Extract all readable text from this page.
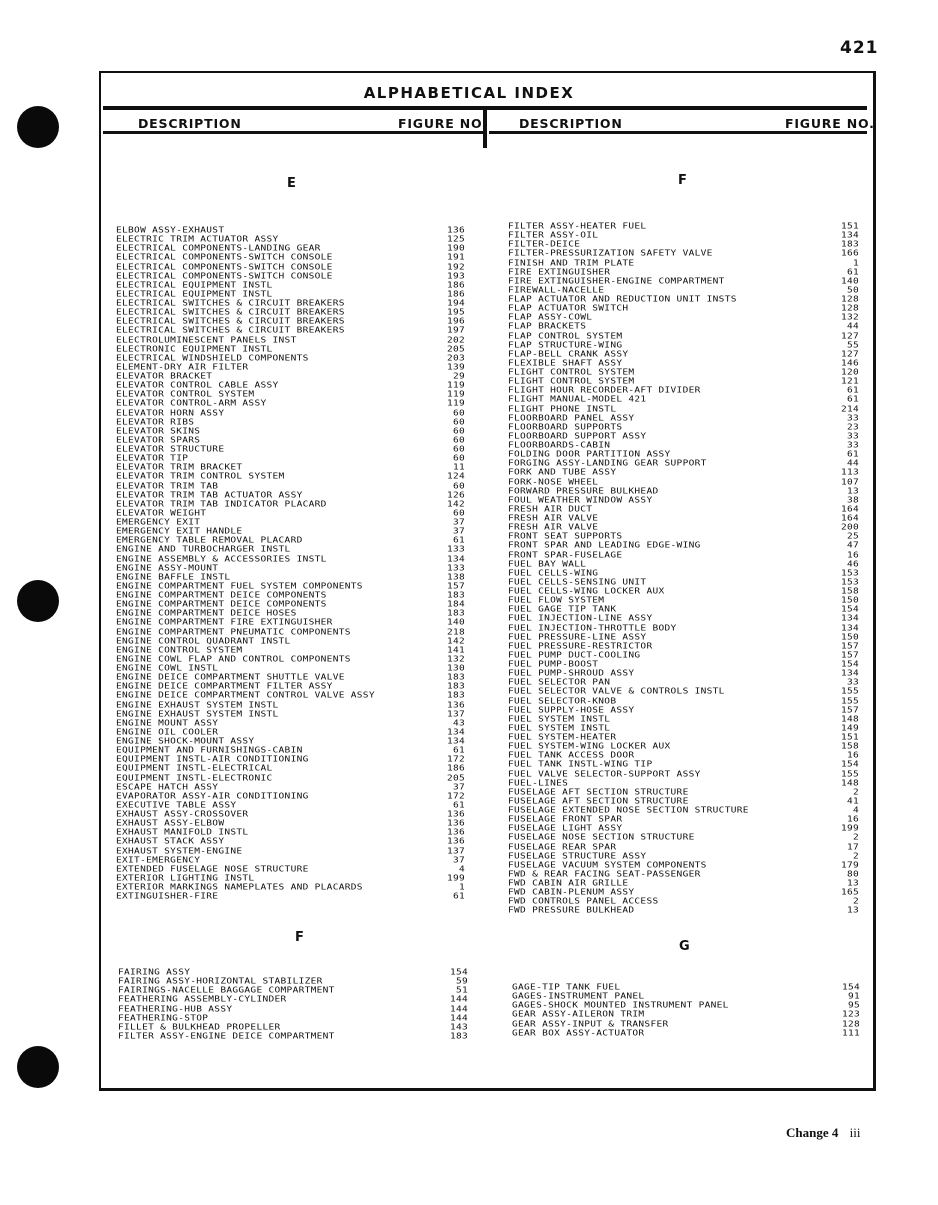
421
ALPHABETICAL INDEX
DESCRIPTION	FIGURE NO.	DESCRIPTION	FIGURE NO.
E
F
F
G
ELBOW ASSY-EXHAUST	136
ELECTRIC TRIM ACTUATOR ASSY	125
ELECTRICAL COMPONENTS-LANDING GEAR	190
ELECTRICAL COMPONENTS-SWITCH CONSOLE	191
ELECTRICAL COMPONENTS-SWITCH CONSOLE	192
ELECTRICAL COMPONENTS-SWITCH CONSOLE	193
ELECTRICAL EQUIPMENT INSTL	186
ELECTRICAL EQUIPMENT INSTL	186
ELECTRICAL SWITCHES & CIRCUIT BREAKERS	194
ELECTRICAL SWITCHES & CIRCUIT BREAKERS	195
ELECTRICAL SWITCHES & CIRCUIT BREAKERS	196
ELECTRICAL SWITCHES & CIRCUIT BREAKERS	197
ELECTROLUMINESCENT PANELS INST	202
ELECTRONIC EQUIPMENT INSTL	205
ELECTRICAL WINDSHIELD COMPONENTS	203
ELEMENT-DRY AIR FILTER	139
ELEVATOR BRACKET	29
ELEVATOR CONTROL CABLE ASSY	119
ELEVATOR CONTROL SYSTEM	119
ELEVATOR CONTROL-ARM ASSY	119
ELEVATOR HORN ASSY	60
ELEVATOR RIBS	60
ELEVATOR SKINS	60
ELEVATOR SPARS	60
ELEVATOR STRUCTURE	60
ELEVATOR TIP	60
ELEVATOR TRIM BRACKET	11
ELEVATOR TRIM CONTROL SYSTEM	124
ELEVATOR TRIM TAB	60
ELEVATOR TRIM TAB ACTUATOR ASSY	126
ELEVATOR TRIM TAB INDICATOR PLACARD	142
ELEVATOR WEIGHT	60
EMERGENCY EXIT	37
EMERGENCY EXIT HANDLE	37
EMERGENCY TABLE REMOVAL PLACARD	61
ENGINE AND TURBOCHARGER INSTL	133
ENGINE ASSEMBLY & ACCESSORIES INSTL	134
ENGINE ASSY-MOUNT	133
ENGINE BAFFLE INSTL	138
ENGINE COMPARTMENT FUEL SYSTEM COMPONENTS	157
ENGINE COMPARTMENT DEICE COMPONENTS	183
ENGINE COMPARTMENT DEICE COMPONENTS	184
ENGINE COMPARTMENT DEICE HOSES	183
ENGINE COMPARTMENT FIRE EXTINGUISHER	140
ENGINE COMPARTMENT PNEUMATIC COMPONENTS	218
ENGINE CONTROL QUADRANT INSTL	142
ENGINE CONTROL SYSTEM	141
ENGINE COWL FLAP AND CONTROL COMPONENTS	132
ENGINE COWL INSTL	130
ENGINE DEICE COMPARTMENT SHUTTLE VALVE	183
ENGINE DEICE COMPARTMENT FILTER ASSY	183
ENGINE DEICE COMPARTMENT CONTROL VALVE ASSY	183
ENGINE EXHAUST SYSTEM INSTL	136
ENGINE EXHAUST SYSTEM INSTL	137
ENGINE MOUNT ASSY	43
ENGINE OIL COOLER	134
ENGINE SHOCK-MOUNT ASSY	134
EQUIPMENT AND FURNISHINGS-CABIN	61
EQUIPMENT INSTL-AIR CONDITIONING	172
EQUIPMENT INSTL-ELECTRICAL	186
EQUIPMENT INSTL-ELECTRONIC	205
ESCAPE HATCH ASSY	37
EVAPORATOR ASSY-AIR CONDITIONING	172
EXECUTIVE TABLE ASSY	61
EXHAUST ASSY-CROSSOVER	136
EXHAUST ASSY-ELBOW	136
EXHAUST MANIFOLD INSTL	136
EXHAUST STACK ASSY	136
EXHAUST SYSTEM-ENGINE	137
EXIT-EMERGENCY	37
EXTENDED FUSELAGE NOSE STRUCTURE	4
EXTERIOR LIGHTING INSTL	199
EXTERIOR MARKINGS NAMEPLATES AND PLACARDS	1
EXTINGUISHER-FIRE	61
FAIRING ASSY	154
FAIRING ASSY-HORIZONTAL STABILIZER	59
FAIRINGS-NACELLE BAGGAGE COMPARTMENT	51
FEATHERING ASSEMBLY-CYLINDER	144
FEATHERING-HUB ASSY	144
FEATHERING-STOP	144
FILLET & BULKHEAD PROPELLER	143
FILTER ASSY-ENGINE DEICE COMPARTMENT	183
FILTER ASSY-HEATER FUEL	151
FILTER ASSY-OIL	134
FILTER-DEICE	183
FILTER-PRESSURIZATION SAFETY VALVE	166
FINISH AND TRIM PLATE	1
FIRE EXTINGUISHER	61
FIRE EXTINGUISHER-ENGINE COMPARTMENT	140
FIREWALL-NACELLE	50
FLAP ACTUATOR AND REDUCTION UNIT INSTS	128
FLAP ACTUATOR SWITCH	128
FLAP ASSY-COWL	132
FLAP BRACKETS	44
FLAP CONTROL SYSTEM	127
FLAP STRUCTURE-WING	55
FLAP-BELL CRANK ASSY	127
FLEXIBLE SHAFT ASSY	146
FLIGHT CONTROL SYSTEM	120
FLIGHT CONTROL SYSTEM	121
FLIGHT HOUR RECORDER-AFT DIVIDER	61
FLIGHT MANUAL-MODEL 421	61
FLIGHT PHONE INSTL	214
FLOORBOARD PANEL ASSY	33
FLOORBOARD SUPPORTS	23
FLOORBOARD SUPPORT ASSY	33
FLOORBOARDS-CABIN	33
FOLDING DOOR PARTITION ASSY	61
FORGING ASSY-LANDING GEAR SUPPORT	44
FORK AND TUBE ASSY	113
FORK-NOSE WHEEL	107
FORWARD PRESSURE BULKHEAD	13
FOUL WEATHER WINDOW ASSY	38
FRESH AIR DUCT	164
FRESH AIR VALVE	164
FRESH AIR VALVE	200
FRONT SEAT SUPPORTS	25
FRONT SPAR AND LEADING EDGE-WING	47
FRONT SPAR-FUSELAGE	16
FUEL BAY WALL	46
FUEL CELLS-WING	153
FUEL CELLS-SENSING UNIT	153
FUEL CELLS-WING LOCKER AUX	158
FUEL FLOW SYSTEM	150
FUEL GAGE TIP TANK	154
FUEL INJECTION-LINE ASSY	134
FUEL INJECTION-THROTTLE BODY	134
FUEL PRESSURE-LINE ASSY	150
FUEL PRESSURE-RESTRICTOR	157
FUEL PUMP DUCT-COOLING	157
FUEL PUMP-BOOST	154
FUEL PUMP-SHROUD ASSY	134
FUEL SELECTOR PAN	33
FUEL SELECTOR VALVE & CONTROLS INSTL	155
FUEL SELECTOR-KNOB	155
FUEL SUPPLY-HOSE ASSY	157
FUEL SYSTEM INSTL	148
FUEL SYSTEM INSTL	149
FUEL SYSTEM-HEATER	151
FUEL SYSTEM-WING LOCKER AUX	158
FUEL TANK ACCESS DOOR	16
FUEL TANK INSTL-WING TIP	154
FUEL VALVE SELECTOR-SUPPORT ASSY	155
FUEL-LINES	148
FUSELAGE AFT SECTION STRUCTURE	2
FUSELAGE AFT SECTION STRUCTURE	41
FUSELAGE EXTENDED NOSE SECTION STRUCTURE	4
FUSELAGE FRONT SPAR	16
FUSELAGE LIGHT ASSY	199
FUSELAGE NOSE SECTION STRUCTURE	2
FUSELAGE REAR SPAR	17
FUSELAGE STRUCTURE ASSY	2
FUSELAGE VACUUM SYSTEM COMPONENTS	179
FWD & REAR FACING SEAT-PASSENGER	80
FWD CABIN AIR GRILLE	13
FWD CABIN-PLENUM ASSY	165
FWD CONTROLS PANEL ACCESS	2
FWD PRESSURE BULKHEAD	13
GAGE-TIP TANK FUEL	154
GAGES-INSTRUMENT PANEL	91
GAGES-SHOCK MOUNTED INSTRUMENT PANEL	95
GEAR ASSY-AILERON TRIM	123
GEAR ASSY-INPUT & TRANSFER	128
GEAR BOX ASSY-ACTUATOR	111
Change 4 iii
